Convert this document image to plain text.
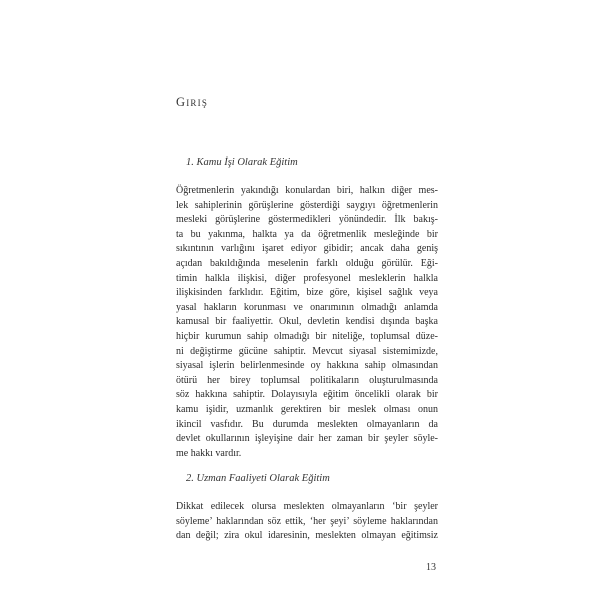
Giriş
1. Kamu İşi Olarak Eğitim
Öğretmenlerin yakındığı konulardan biri, halkın diğer mes-
lek sahiplerinin görüşlerine gösterdiği saygıyı öğretmenlerin
mesleki görüşlerine göstermedikleri yönündedir. İlk bakış-
ta bu yakınma, halkta ya da öğretmenlik mesleğinde bir
sıkıntının varlığını işaret ediyor gibidir; ancak daha geniş
açıdan bakıldığında meselenin farklı olduğu görülür. Eği-
timin halkla ilişkisi, diğer profesyonel mesleklerin halkla
ilişkisinden farklıdır. Eğitim, bize göre, kişisel sağlık veya
yasal hakların korunması ve onarımının olmadığı anlamda
kamusal bir faaliyettir. Okul, devletin kendisi dışında başka
hiçbir kurumun sahip olmadığı bir niteliğe, toplumsal düze-
ni değiştirme gücüne sahiptir. Mevcut siyasal sistemimizde,
siyasal işlerin belirlenmesinde oy hakkına sahip olmasından
ötürü her birey toplumsal politikaların oluşturulmasında
söz hakkına sahiptir. Dolayısıyla eğitim öncelikli olarak bir
kamu işidir, uzmanlık gerektiren bir meslek olması onun
ikincil vasfıdır. Bu durumda meslekten olmayanların da
devlet okullarının işleyişine dair her zaman bir şeyler söyle-
me hakkı vardır.
2. Uzman Faaliyeti Olarak Eğitim
Dikkat edilecek olursa meslekten olmayanların ‘bir şeyler
söyleme’ haklarından söz ettik, ‘her şeyi’ söyleme haklarından
dan değil; zira okul idaresinin, meslekten olmayan eğitimsiz
13
